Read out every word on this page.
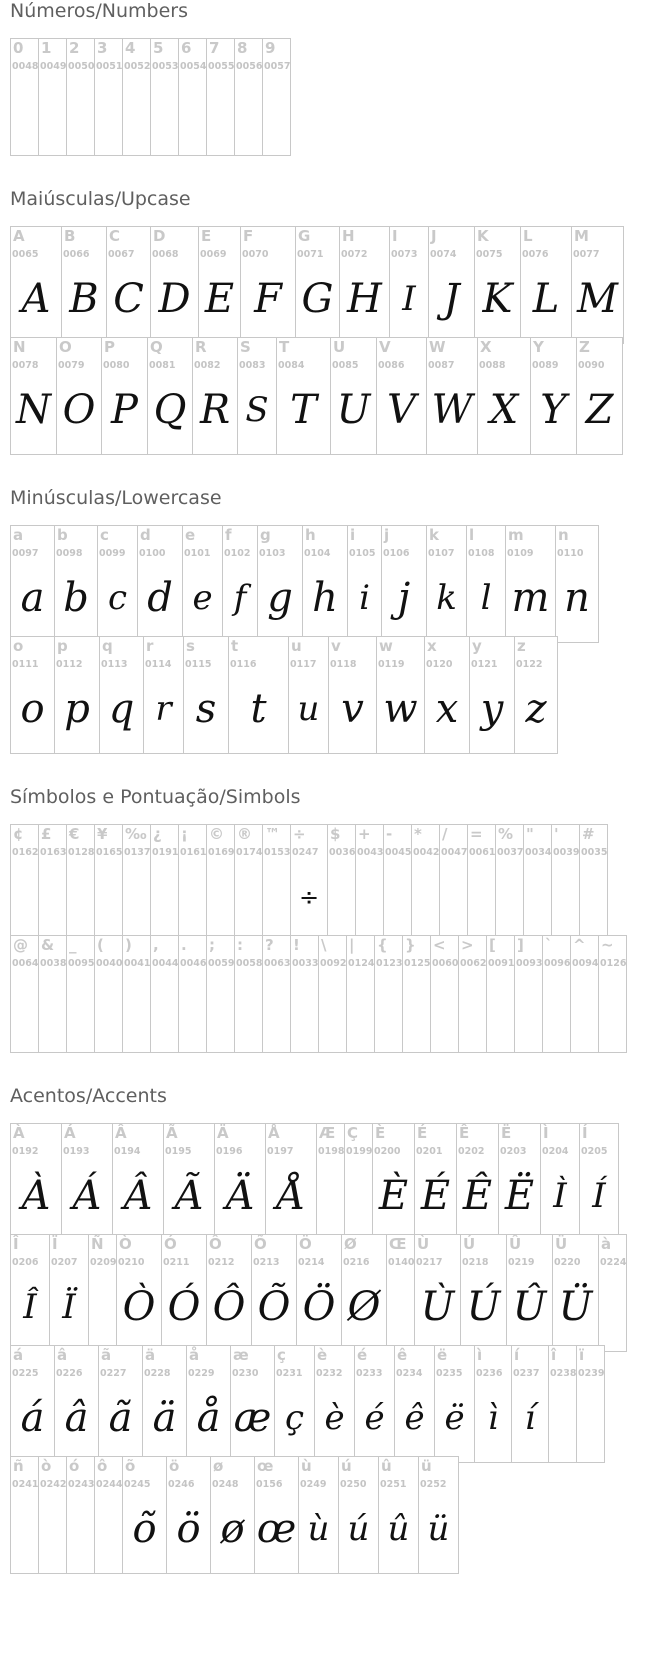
Números/Numbers
0
0048
1
0049
2
0050
3
0051
4
0052
5
0053
6
0054
7
0055
8
0056
9
0057
Maiúsculas/Upcase
A
0065
A
B
0066
B
C
0067
C
D
0068
D
E
0069
E
F
0070
F
G
0071
G
H
0072
H
I
0073
I
J
0074
J
K
0075
K
L
0076
L
M
0077
M
N
0078
N
O
0079
O
P
0080
P
Q
0081
Q
R
0082
R
S
0083
S
T
0084
T
U
0085
U
V
0086
V
W
0087
W
X
0088
X
Y
0089
Y
Z
0090
Z
Minúsculas/Lowercase
a
0097
a
b
0098
b
c
0099
c
d
0100
d
e
0101
e
f
0102
f
g
0103
g
h
0104
h
i
0105
i
j
0106
j
k
0107
k
l
0108
l
m
0109
m
n
0110
n
o
0111
o
p
0112
p
q
0113
q
r
0114
r
s
0115
s
t
0116
t
u
0117
u
v
0118
v
w
0119
w
x
0120
x
y
0121
y
z
0122
z
Símbolos e Pontuação/Simbols
¢
0162
£
0163
€
0128
¥
0165
‰
0137
¿
0191
¡
0161
©
0169
®
0174
™
0153
÷
0247
÷
$
0036
+
0043
-
0045
*
0042
/
0047
=
0061
%
0037
"
0034
'
0039
#
0035
@
0064
&
0038
_
0095
(
0040
)
0041
,
0044
.
0046
;
0059
:
0058
?
0063
!
0033
\
0092
|
0124
{
0123
}
0125
<
0060
>
0062
[
0091
]
0093
`
0096
^
0094
~
0126
Acentos/Accents
À
0192
À
Á
0193
Á
Â
0194
Â
Ã
0195
Ã
Ä
0196
Ä
Å
0197
Å
Æ
0198
Ç
0199
È
0200
È
É
0201
É
Ê
0202
Ê
Ë
0203
Ë
Ì
0204
Ì
Í
0205
Í
Î
0206
Î
Ï
0207
Ï
Ñ
0209
Ò
0210
Ò
Ó
0211
Ó
Ô
0212
Ô
Õ
0213
Õ
Ö
0214
Ö
Ø
0216
Ø
Œ
0140
Ù
0217
Ù
Ú
0218
Ú
Û
0219
Û
Ü
0220
Ü
à
0224
á
0225
á
â
0226
â
ã
0227
ã
ä
0228
ä
å
0229
å
æ
0230
æ
ç
0231
ç
è
0232
è
é
0233
é
ê
0234
ê
ë
0235
ë
ì
0236
ì
í
0237
í
î
0238
ï
0239
ñ
0241
ò
0242
ó
0243
ô
0244
õ
0245
õ
ö
0246
ö
ø
0248
ø
œ
0156
œ
ù
0249
ù
ú
0250
ú
û
0251
û
ü
0252
ü
